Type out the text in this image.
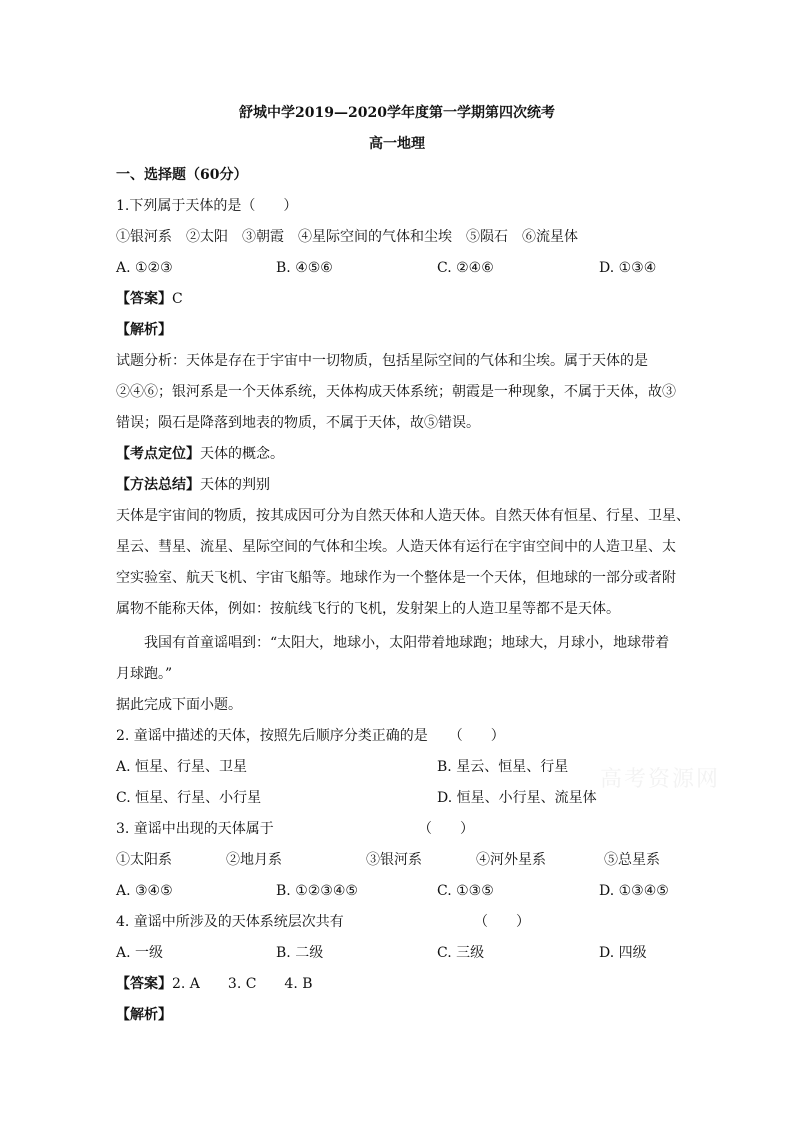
舒城中学2019—2020学年度第一学期第四次统考
高一地理
一、选择题（60分）
1.下列属于天体的是（　　）
①银河系　②太阳　③朝霞　④星际空间的气体和尘埃　⑤陨石　⑥流星体
A. ①②③	B. ④⑤⑥	C. ②④⑥	D. ①③④
【答案】C
【解析】
试题分析：天体是存在于宇宙中一切物质，包括星际空间的气体和尘埃。属于天体的是
②④⑥；银河系是一个天体系统，天体构成天体系统；朝霞是一种现象，不属于天体，故③
错误；陨石是降落到地表的物质，不属于天体，故⑤错误。
【考点定位】天体的概念。
【方法总结】天体的判别
天体是宇宙间的物质，按其成因可分为自然天体和人造天体。自然天体有恒星、行星、卫星、
星云、彗星、流星、星际空间的气体和尘埃。人造天体有运行在宇宙空间中的人造卫星、太
空实验室、航天飞机、宇宙飞船等。地球作为一个整体是一个天体，但地球的一部分或者附
属物不能称天体，例如：按航线飞行的飞机，发射架上的人造卫星等都不是天体。
我国有首童谣唱到：“太阳大，地球小，太阳带着地球跑；地球大，月球小，地球带着
月球跑。”
据此完成下面小题。
2. 童谣中描述的天体，按照先后顺序分类正确的是　　（　　）
A. 恒星、行星、卫星	B. 星云、恒星、行星
C. 恒星、行星、小行星	D. 恒星、小行星、流星体
3. 童谣中出现的天体属于	（　　）
①太阳系	②地月系	③银河系	④河外星系	⑤总星系
A. ③④⑤	B. ①②③④⑤	C. ①③⑤	D. ①③④⑤
4. 童谣中所涉及的天体系统层次共有	（　　）
A. 一级	B. 二级	C. 三级	D. 四级
【答案】2. A　　3. C　　4. B
【解析】
高考资源网
